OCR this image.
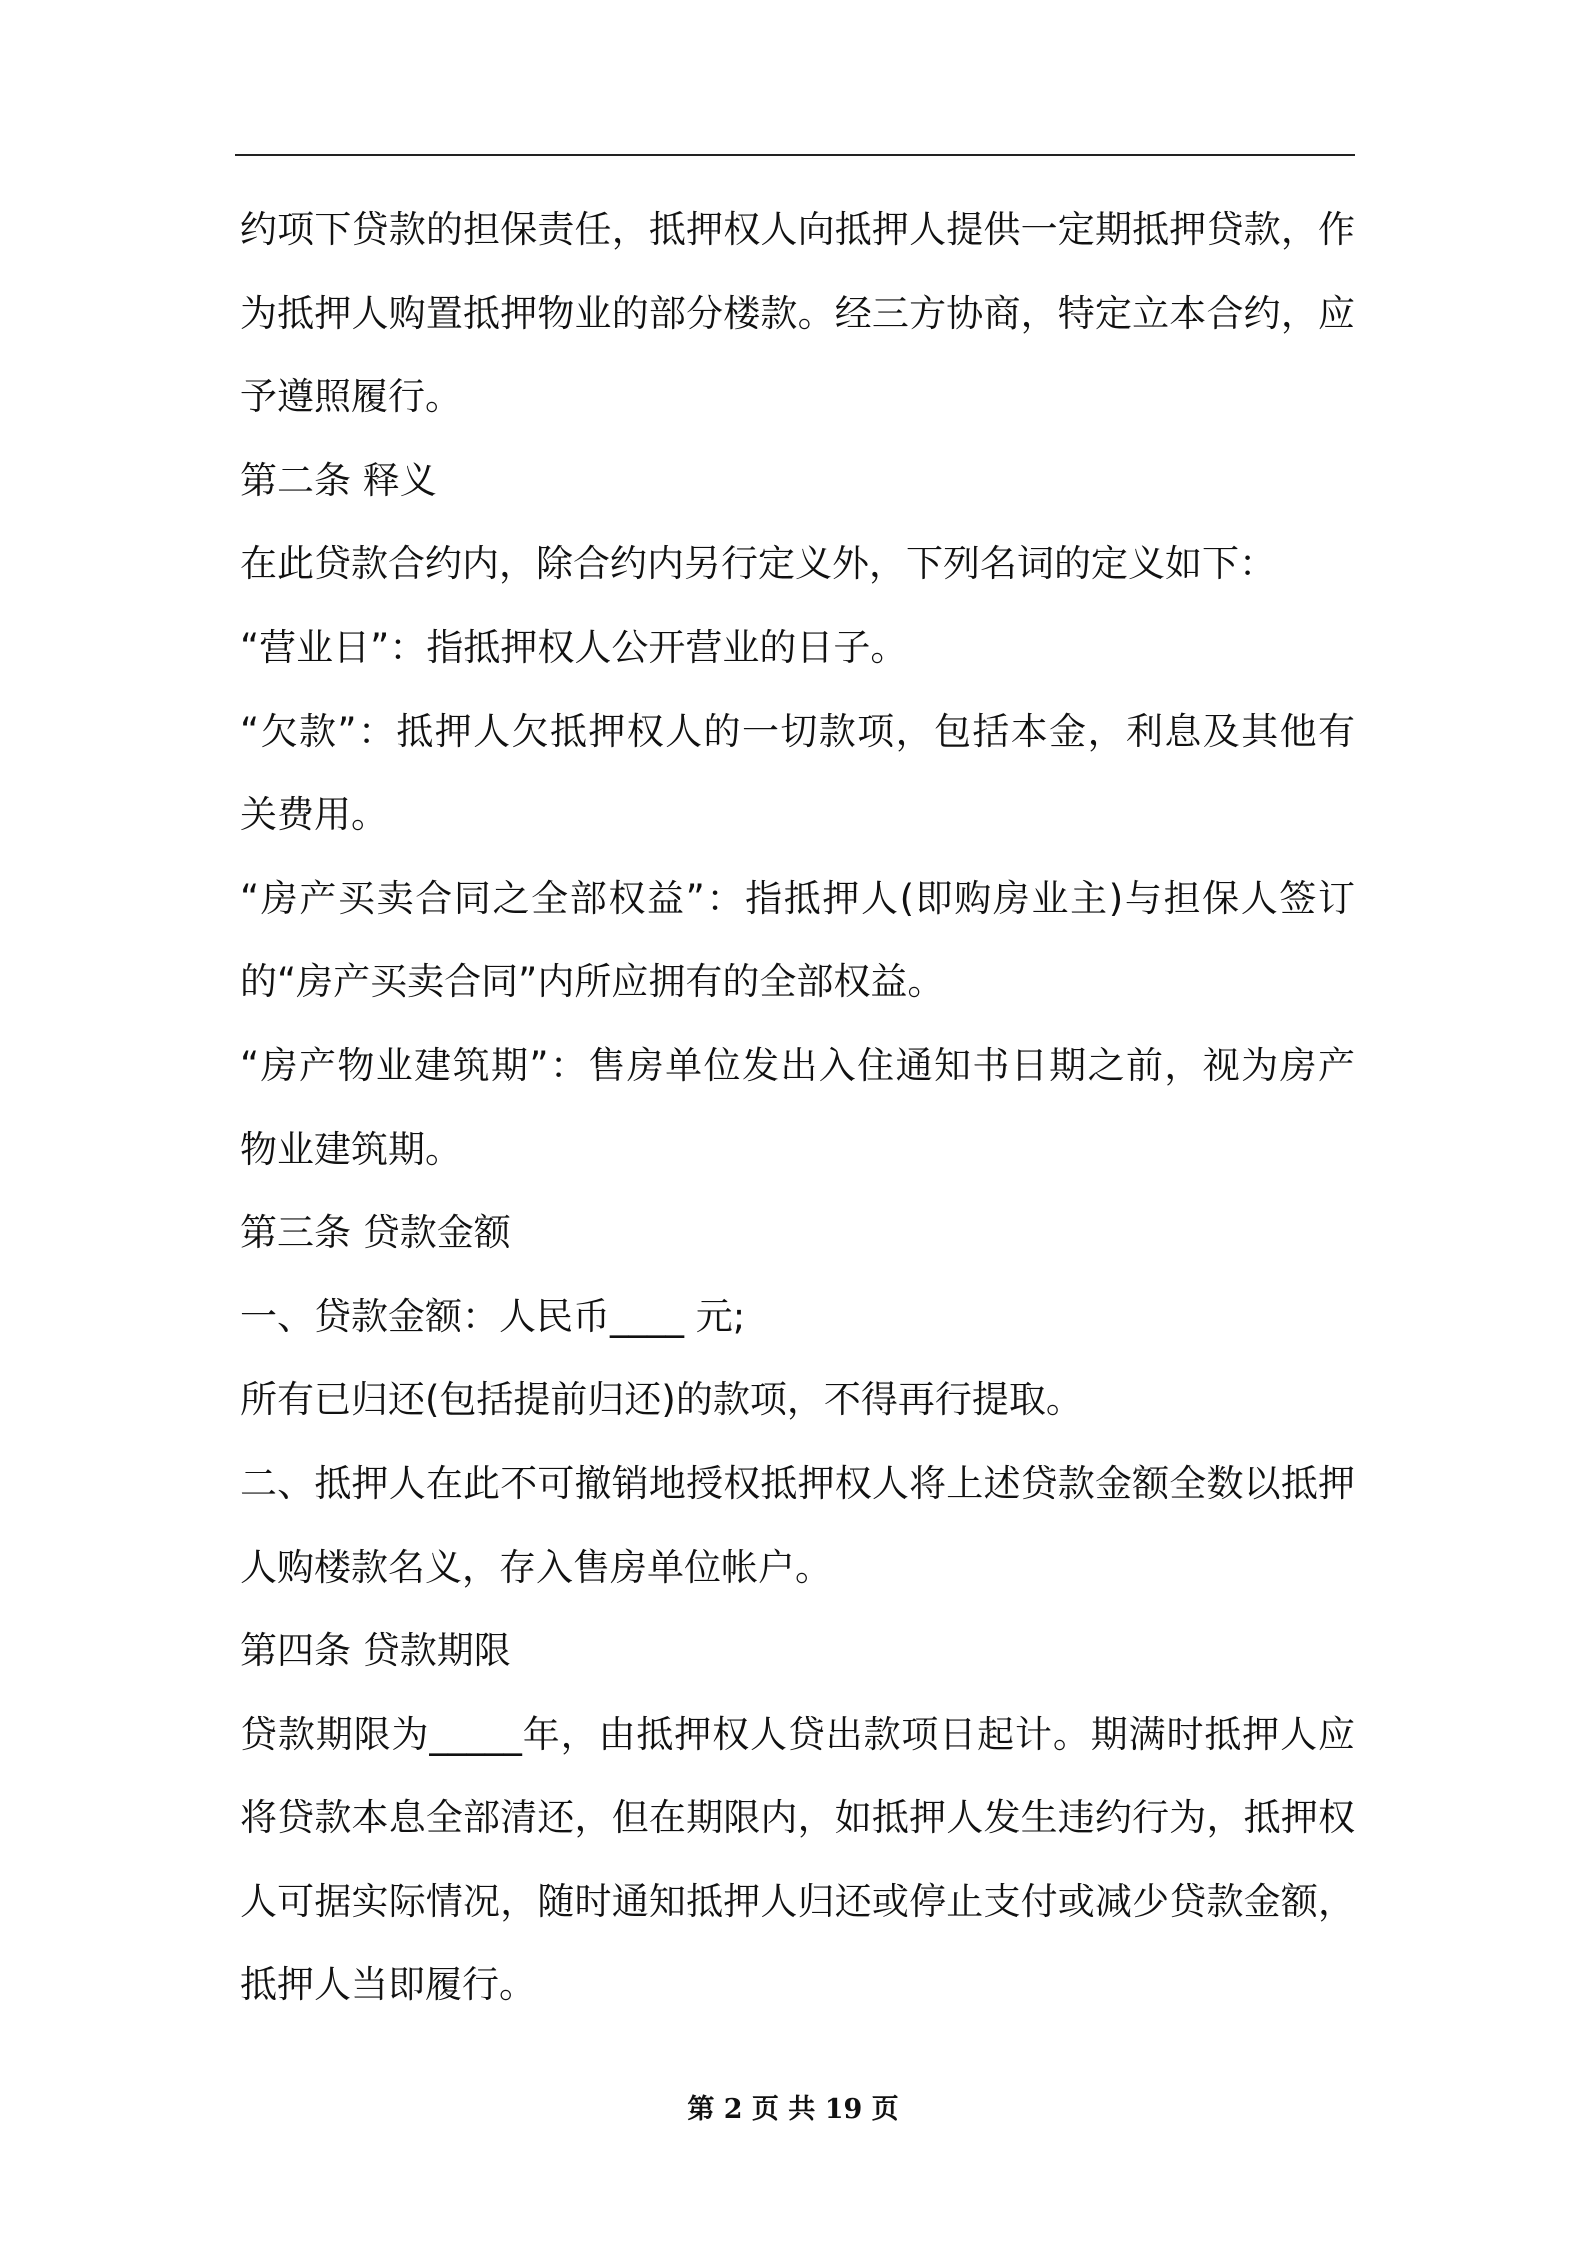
约项下贷款的担保责任，抵押权人向抵押人提供一定期抵押贷款，作
为抵押人购置抵押物业的部分楼款。经三方协商，特定立本合约，应
予遵照履行。
第二条 释义
在此贷款合约内，除合约内另行定义外，下列名词的定义如下：
“营业日”：指抵押权人公开营业的日子。
“欠款”：抵押人欠抵押权人的一切款项，包括本金，利息及其他有
关费用。
“房产买卖合同之全部权益”：指抵押人(即购房业主)与担保人签订
的“房产买卖合同”内所应拥有的全部权益。
“房产物业建筑期”：售房单位发出入住通知书日期之前，视为房产
物业建筑期。
第三条 贷款金额
一、贷款金额：人民币____ 元;
所有已归还(包括提前归还)的款项，不得再行提取。
二、抵押人在此不可撤销地授权抵押权人将上述贷款金额全数以抵押
人购楼款名义，存入售房单位帐户。
第四条 贷款期限
贷款期限为_____年，由抵押权人贷出款项日起计。期满时抵押人应
将贷款本息全部清还，但在期限内，如抵押人发生违约行为，抵押权
人可据实际情况，随时通知抵押人归还或停止支付或减少贷款金额，
抵押人当即履行。
第 2 页 共 19 页
